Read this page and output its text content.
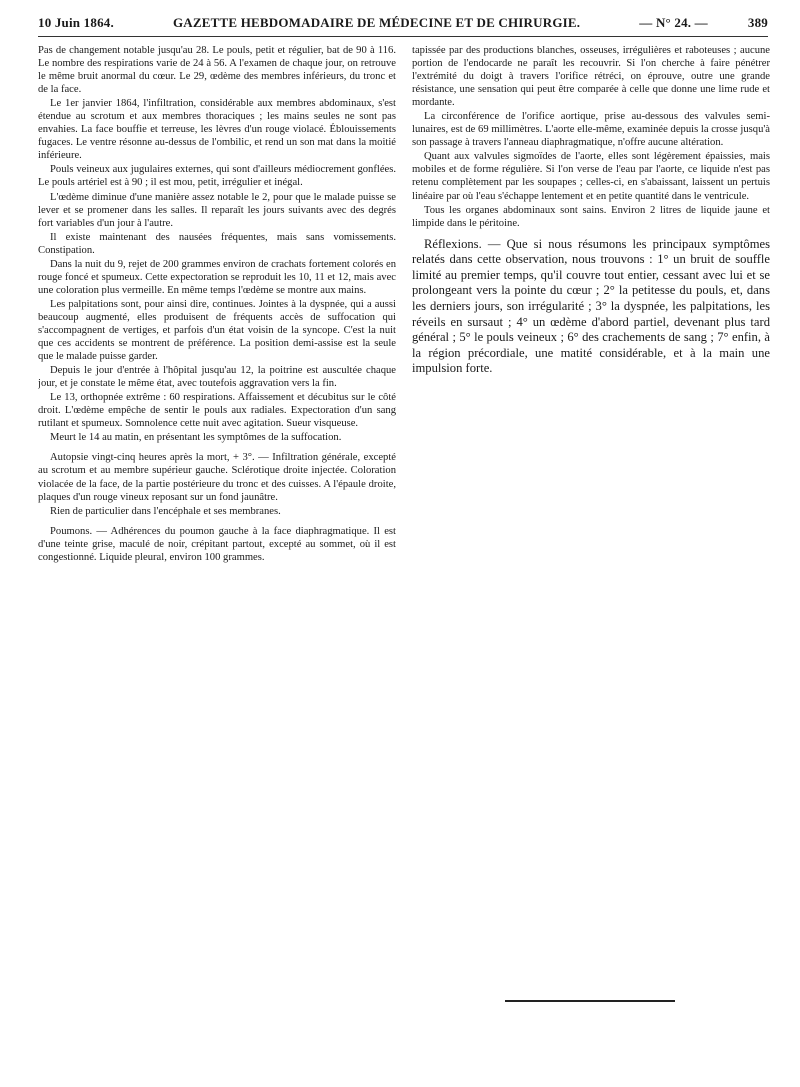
10 Juin 1864.	GAZETTE HEBDOMADAIRE DE MÉDECINE ET DE CHIRURGIE.	— N° 24. —	389

Pas de changement notable jusqu'au 28. Le pouls, petit et régulier, bat de 90 à 116. Le nombre des respirations varie de 24 à 56. A l'examen de chaque jour, on retrouve le même bruit anormal du cœur. Le 29, œdème des membres inférieurs, du tronc et de la face.

Le 1er janvier 1864, l'infiltration, considérable aux membres abdominaux, s'est étendue au scrotum et aux membres thoraciques ; les mains seules ne sont pas envahies. La face bouffie et terreuse, les lèvres d'un rouge violacé. Éblouissements fugaces. Le ventre résonne au-dessus de l'ombilic, et rend un son mat dans la moitié inférieure.

Pouls veineux aux jugulaires externes, qui sont d'ailleurs médiocrement gonflées. Le pouls artériel est à 90 ; il est mou, petit, irrégulier et inégal.

L'œdème diminue d'une manière assez notable le 2, pour que le malade puisse se lever et se promener dans les salles. Il reparaît les jours suivants avec des degrés fort variables d'un jour à l'autre.

Il existe maintenant des nausées fréquentes, mais sans vomissements. Constipation.

Dans la nuit du 9, rejet de 200 grammes environ de crachats fortement colorés en rouge foncé et spumeux. Cette expectoration se reproduit les 10, 11 et 12, mais avec une coloration plus vermeille. En même temps l'œdème se montre aux mains.

Les palpitations sont, pour ainsi dire, continues. Jointes à la dyspnée, qui a aussi beaucoup augmenté, elles produisent de fréquents accès de suffocation qui s'accompagnent de vertiges, et parfois d'un état voisin de la syncope. C'est la nuit que ces accidents se montrent de préférence. La position demi-assise est la seule que le malade puisse garder.

Depuis le jour d'entrée à l'hôpital jusqu'au 12, la poitrine est auscultée chaque jour, et je constate le même état, avec toutefois aggravation vers la fin.

Le 13, orthopnée extrême : 60 respirations. Affaissement et décubitus sur le côté droit. L'œdème empêche de sentir le pouls aux radiales. Expectoration d'un sang rutilant et spumeux. Somnolence cette nuit avec agitation. Sueur visqueuse.

Meurt le 14 au matin, en présentant les symptômes de la suffocation.

Autopsie vingt-cinq heures après la mort, + 3°. — Infiltration générale, excepté au scrotum et au membre supérieur gauche. Sclérotique droite injectée. Coloration violacée de la face, de la partie postérieure du tronc et des cuisses. A l'épaule droite, plaques d'un rouge vineux reposant sur un fond jaunâtre.

Rien de particulier dans l'encéphale et ses membranes.

Poumons. — Adhérences du poumon gauche à la face diaphragmatique. Il est d'une teinte grise, maculé de noir, crépitant partout, excepté au sommet, où il est congestionné. Liquide pleural, environ 100 grammes.

tapissée par des productions blanches, osseuses, irrégulières et raboteuses ; aucune portion de l'endocarde ne paraît les recouvrir. Si l'on cherche à faire pénétrer l'extrémité du doigt à travers l'orifice rétréci, on éprouve, outre une grande résistance, une sensation qui peut être comparée à celle que donne une lime rude et mordante.

La circonférence de l'orifice aortique, prise au-dessous des valvules semi-lunaires, est de 69 millimètres. L'aorte elle-même, examinée depuis la crosse jusqu'à son passage à travers l'anneau diaphragmatique, n'offre aucune altération.

Quant aux valvules sigmoïdes de l'aorte, elles sont légèrement épaissies, mais mobiles et de forme régulière. Si l'on verse de l'eau par l'aorte, ce liquide n'est pas retenu complètement par les soupapes ; celles-ci, en s'abaissant, laissent un pertuis linéaire par où l'eau s'échappe lentement et en petite quantité dans le ventricule.

Tous les organes abdominaux sont sains. Environ 2 litres de liquide jaune et limpide dans le péritoine.

Réflexions. — Que si nous résumons les principaux symptômes relatés dans cette observation, nous trouvons : 1° un bruit de souffle limité au premier temps, qu'il couvre tout entier, cessant avec lui et se prolongeant vers la pointe du cœur ; 2° la petitesse du pouls, et, dans les derniers jours, son irrégularité ; 3° la dyspnée, les palpitations, les réveils en sursaut ; 4° un œdème d'abord partiel, devenant plus tard général ; 5° le pouls veineux ; 6° des crachements de sang ; 7° enfin, à la région précordiale, une matité considérable, et à la main une impulsion forte.
